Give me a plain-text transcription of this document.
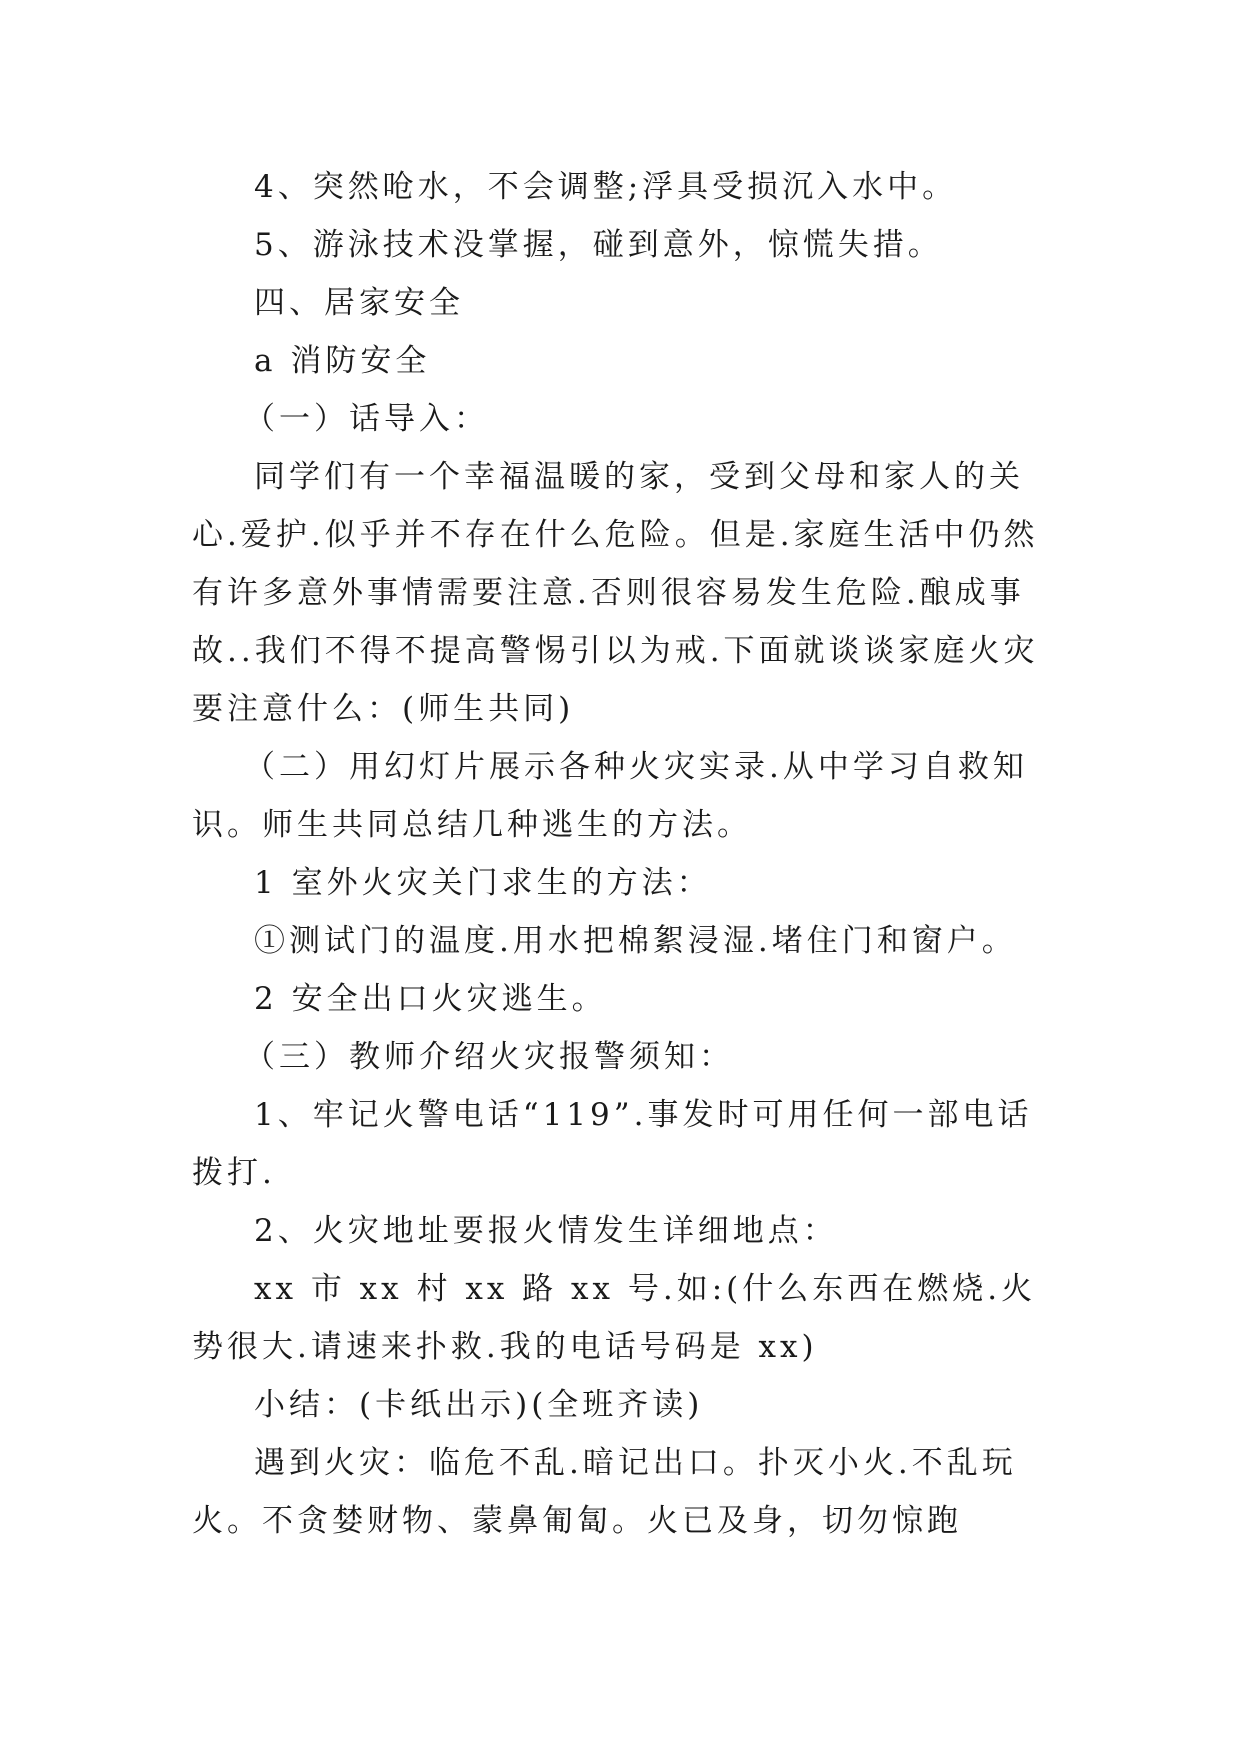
4、突然呛水，不会调整;浮具受损沉入水中。

5、游泳技术没掌握，碰到意外，惊慌失措。

四、居家安全

a 消防安全

（一）话导入：

同学们有一个幸福温暖的家，受到父母和家人的关心.爱护.似乎并不存在什么危险。但是.家庭生活中仍然有许多意外事情需要注意.否则很容易发生危险.酿成事故..我们不得不提高警惕引以为戒.下面就谈谈家庭火灾要注意什么：(师生共同)

（二）用幻灯片展示各种火灾实录.从中学习自救知识。师生共同总结几种逃生的方法。

1 室外火灾关门求生的方法：

①测试门的温度.用水把棉絮浸湿.堵住门和窗户。

2 安全出口火灾逃生。

（三）教师介绍火灾报警须知：

1、牢记火警电话“119”.事发时可用任何一部电话拨打.

2、火灾地址要报火情发生详细地点：

xx 市 xx 村 xx 路 xx 号.如:(什么东西在燃烧.火势很大.请速来扑救.我的电话号码是 xx)

小结：(卡纸出示)(全班齐读)

遇到火灾：临危不乱.暗记出口。扑灭小火.不乱玩火。不贪婪财物、蒙鼻匍匐。火已及身，切勿惊跑
